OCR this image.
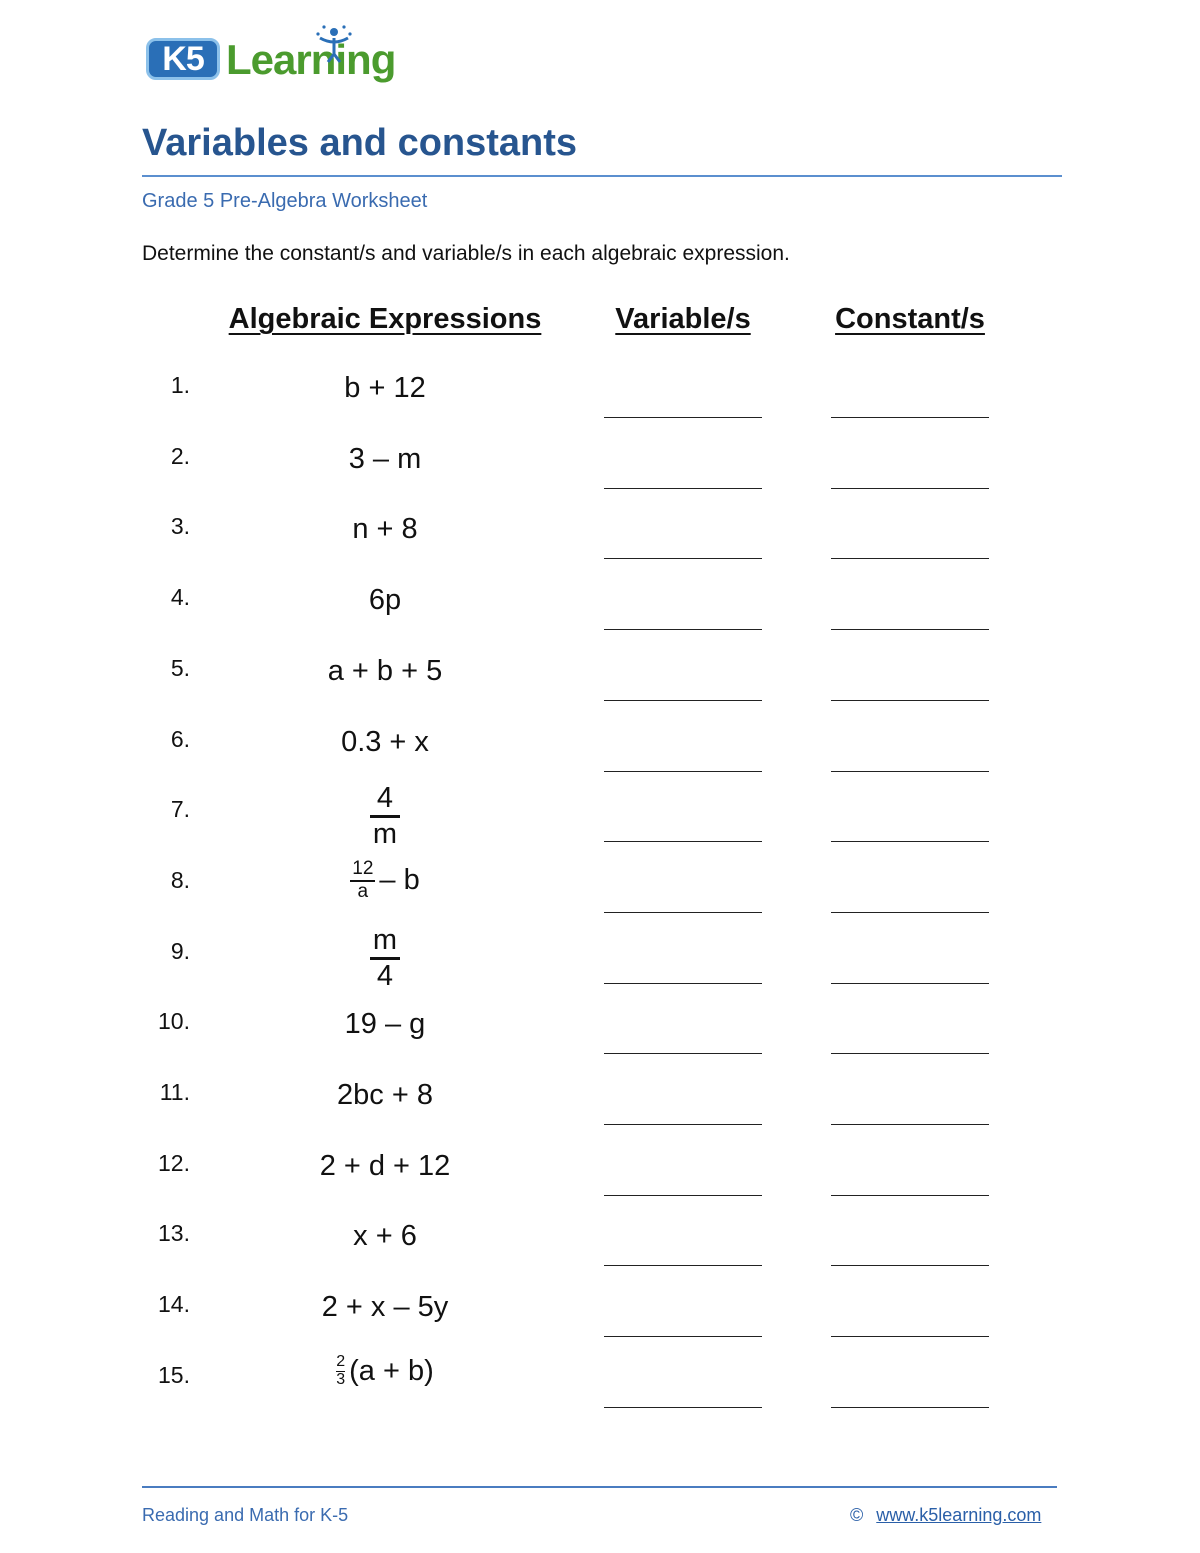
K5 Learning
Variables and constants
Grade 5 Pre-Algebra Worksheet
Determine the constant/s and variable/s in each algebraic expression.
Algebraic Expressions	Variable/s	Constant/s
1.	b + 12
2.	3 – m
3.	n + 8
4.	6p
5.	a + b + 5
6.	0.3 + x
7.	$\frac{4}{m}$
8.	$\frac{12}{a}$ – b
9.	$\frac{m}{4}$
10.	19 – g
11.	2bc + 8
12.	2 + d + 12
13.	x + 6
14.	2 + x – 5y
15.	$\frac{2}{3} (a + b)$
Reading and Math for K-5	© www.k5learning.com
